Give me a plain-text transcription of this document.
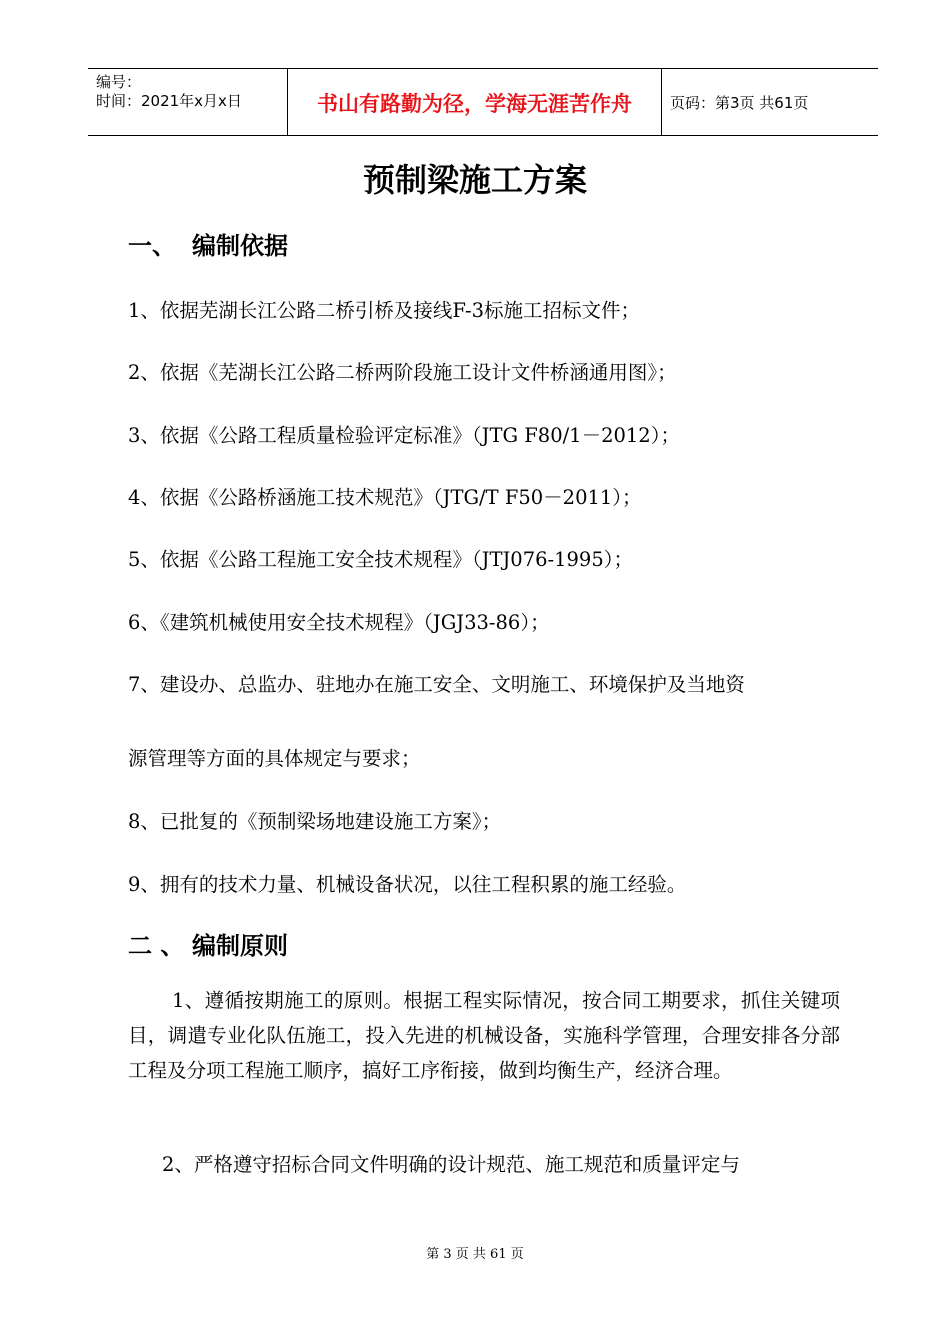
编号：
时间：2021年x月x日	书山有路勤为径，学海无涯苦作舟	页码：第3页 共61页
预制梁施工方案
一、 编制依据
1、依据芜湖长江公路二桥引桥及接线F-3标施工招标文件；
2、依据《芜湖长江公路二桥两阶段施工设计文件桥涵通用图》；
3、依据《公路工程质量检验评定标准》（JTG F80/1－2012）；
4、依据《公路桥涵施工技术规范》（JTG/T F50－2011）；
5、依据《公路工程施工安全技术规程》（JTJ076-1995）；
6、《建筑机械使用安全技术规程》（JGJ33-86）；
7、建设办、总监办、驻地办在施工安全、文明施工、环境保护及当地资
源管理等方面的具体规定与要求；
8、已批复的《预制梁场地建设施工方案》；
9、拥有的技术力量、机械设备状况，以往工程积累的施工经验。
二 、 编制原则
1、遵循按期施工的原则。根据工程实际情况，按合同工期要求，抓住关键项目，调遣专业化队伍施工，投入先进的机械设备，实施科学管理，合理安排各分部工程及分项工程施工顺序，搞好工序衔接，做到均衡生产，经济合理。
2、严格遵守招标合同文件明确的设计规范、施工规范和质量评定与
第 3 页 共 61 页
